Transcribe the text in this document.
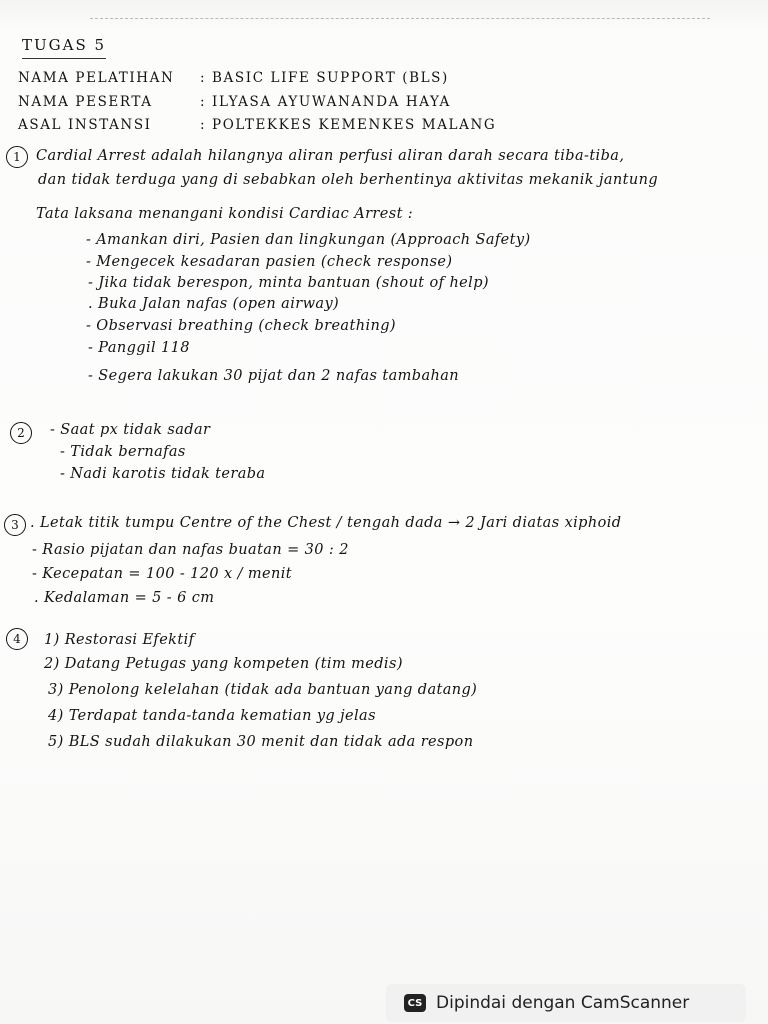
TUGAS 5
NAMA PELATIHAN : BASIC LIFE SUPPORT (BLS)
NAMA PESERTA	: ILYASA AYUWANANDA HAYA
ASAL INSTANSI	: POLTEKKES KEMENKES MALANG
1	Cardial Arrest adalah hilangnya aliran perfusi aliran darah secara tiba-tiba,
dan tidak terduga yang di sebabkan oleh berhentinya aktivitas mekanik jantung
Tata laksana menangani kondisi Cardiac Arrest :
- Amankan diri, Pasien dan lingkungan (Approach Safety)
- Mengecek kesadaran pasien (check response)
- Jika tidak berespon, minta bantuan (shout of help)
. Buka Jalan nafas (open airway)
- Observasi breathing (check breathing)
- Panggil 118
- Segera lakukan 30 pijat dan 2 nafas tambahan
2	- Saat px tidak sadar
- Tidak bernafas
- Nadi karotis tidak teraba
3 . Letak titik tumpu Centre of the Chest / tengah dada → 2 Jari diatas xiphoid
- Rasio pijatan dan nafas buatan = 30 : 2
- Kecepatan = 100 - 120 x / menit
. Kedalaman = 5 - 6 cm
4	1) Restorasi Efektif
2) Datang Petugas yang kompeten (tim medis)
3) Penolong kelelahan (tidak ada bantuan yang datang)
4) Terdapat tanda-tanda kematian yg jelas
5) BLS sudah dilakukan 30 menit dan tidak ada respon
CS Dipindai dengan CamScanner
